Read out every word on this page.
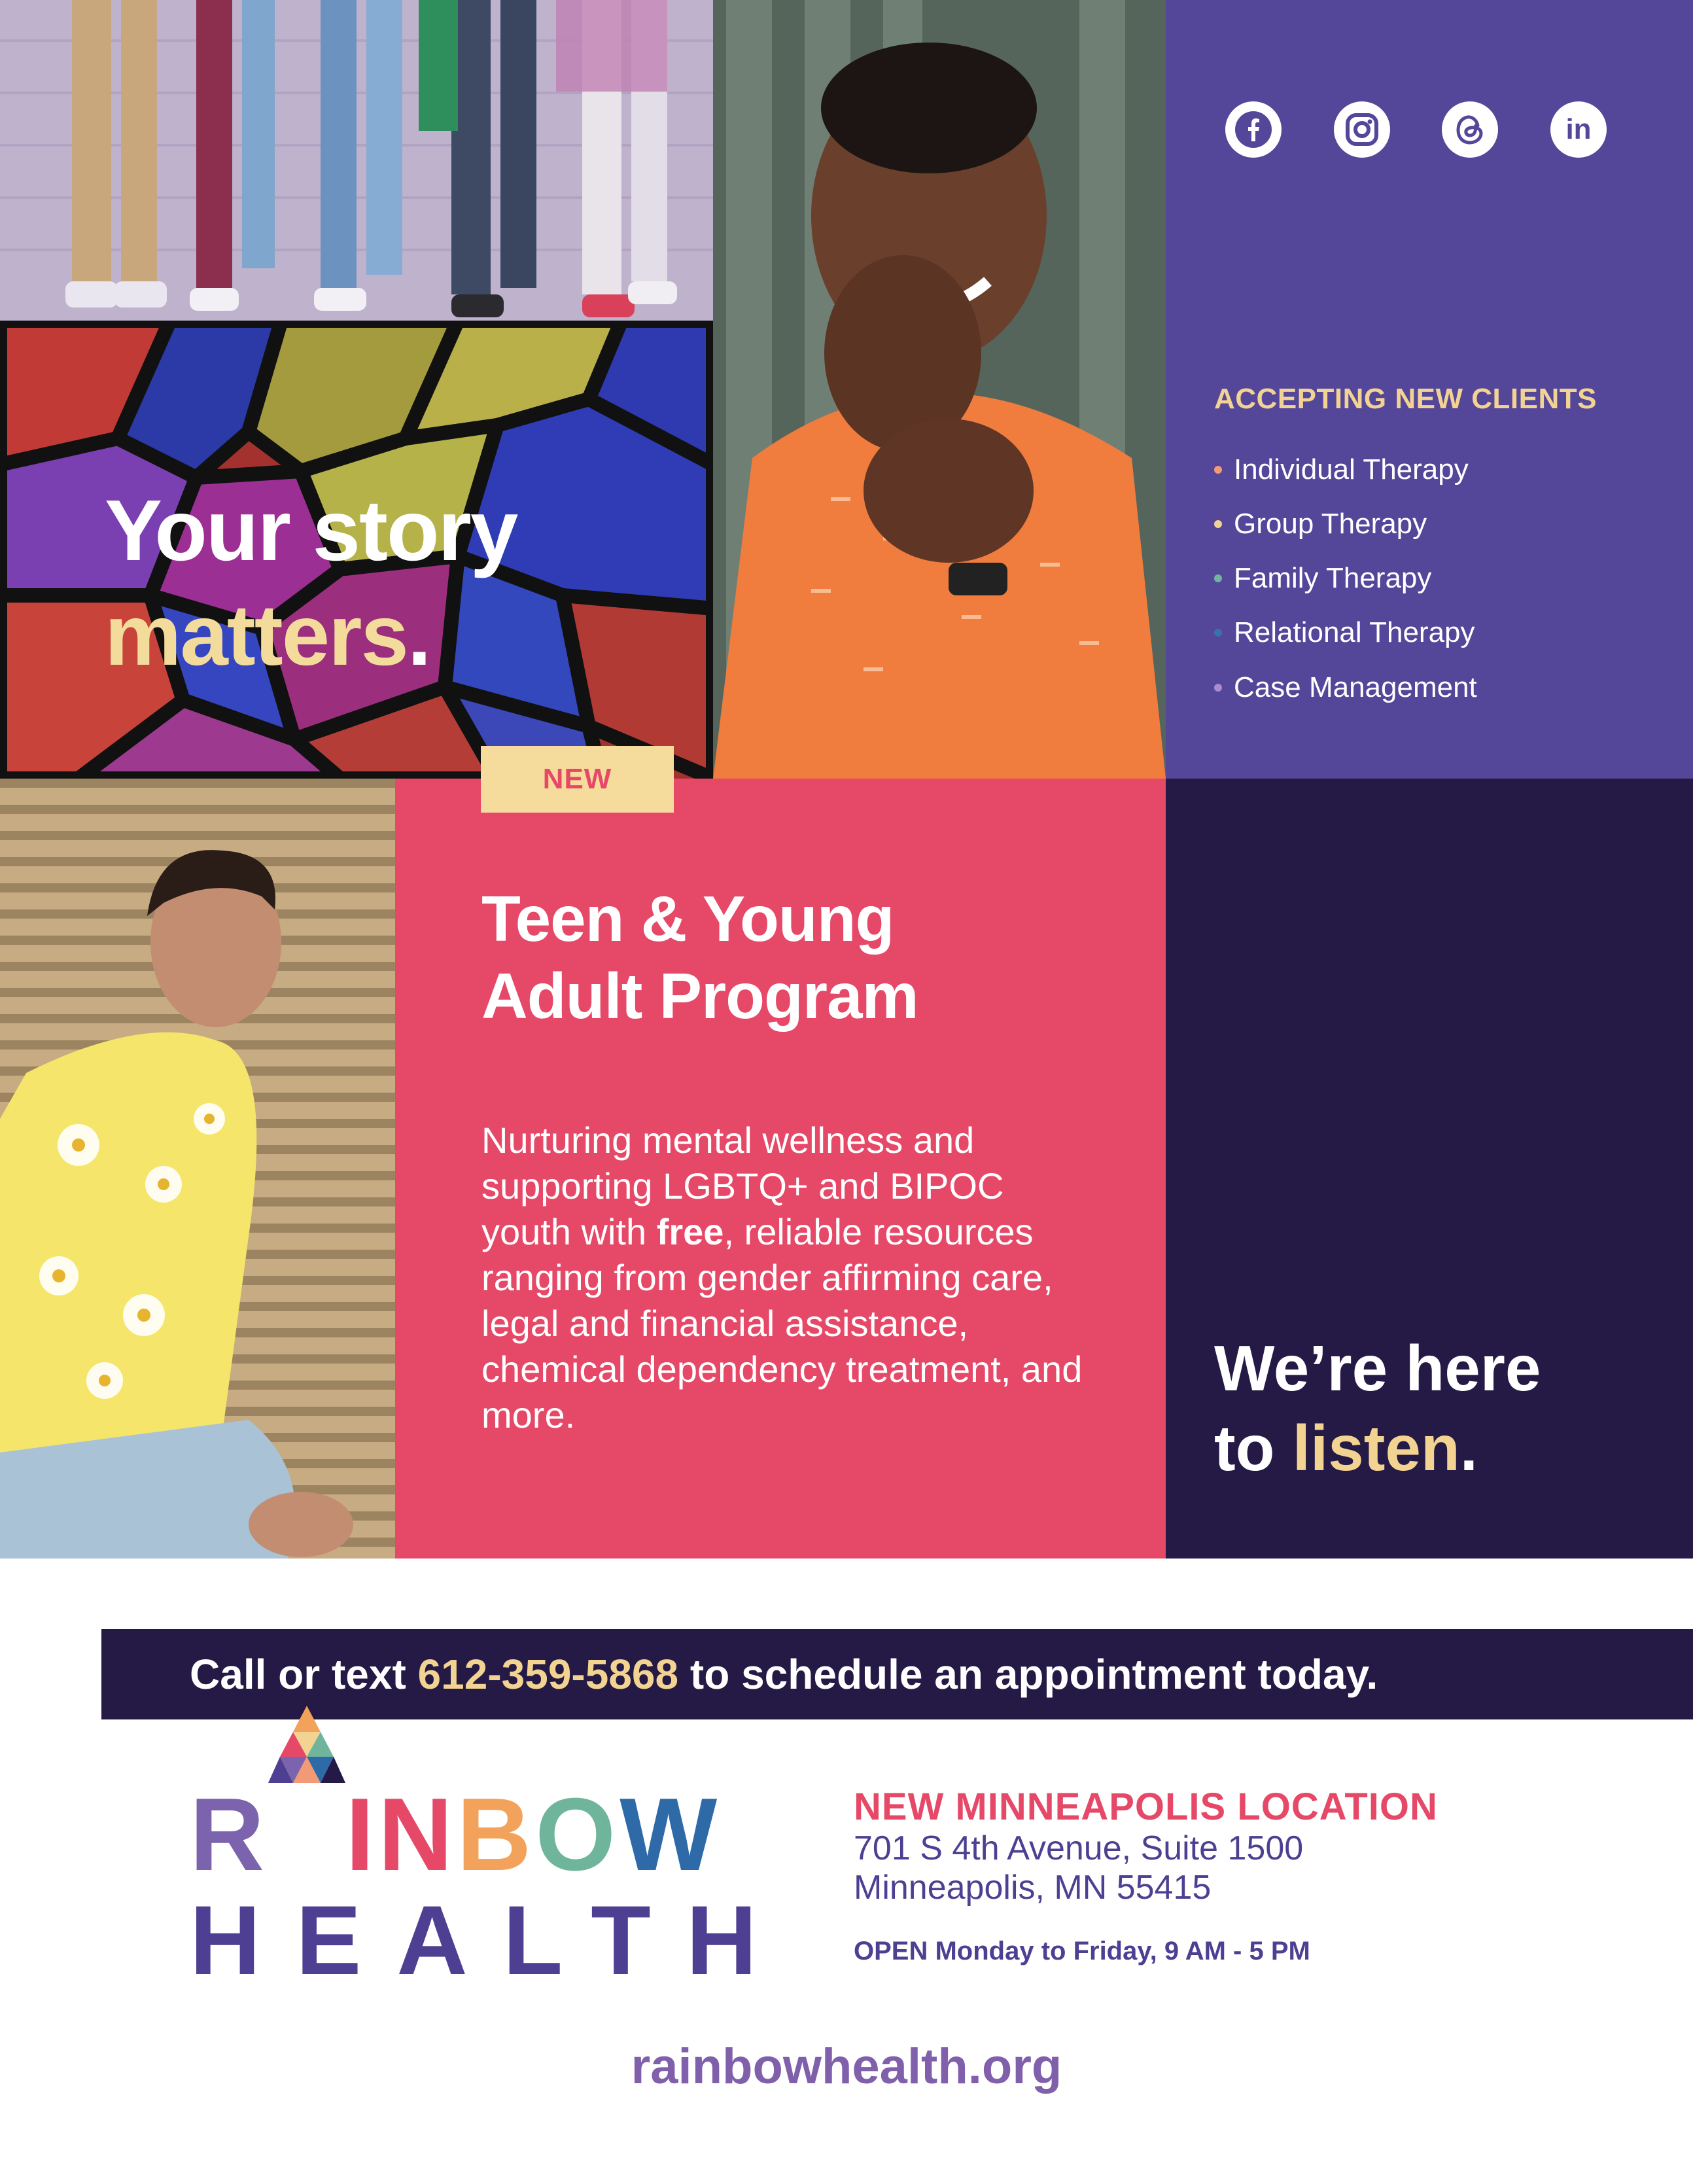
Your story
matters.
in
ACCEPTING NEW CLIENTS
Individual Therapy
Group Therapy
Family Therapy
Relational Therapy
Case Management
NEW
Teen & Young
Adult Program
Nurturing mental wellness and supporting LGBTQ+ and BIPOC youth with free, reliable resources ranging from gender affirming care, legal and financial assistance, chemical dependency treatment, and more.
We’re here
to listen.
Call or text 612-359-5868 to schedule an appointment today.
R INBOW
HEALTH
NEW MINNEAPOLIS LOCATION
701 S 4th Avenue, Suite 1500
Minneapolis, MN 55415
OPEN Monday to Friday, 9 AM - 5 PM
rainbowhealth.org
